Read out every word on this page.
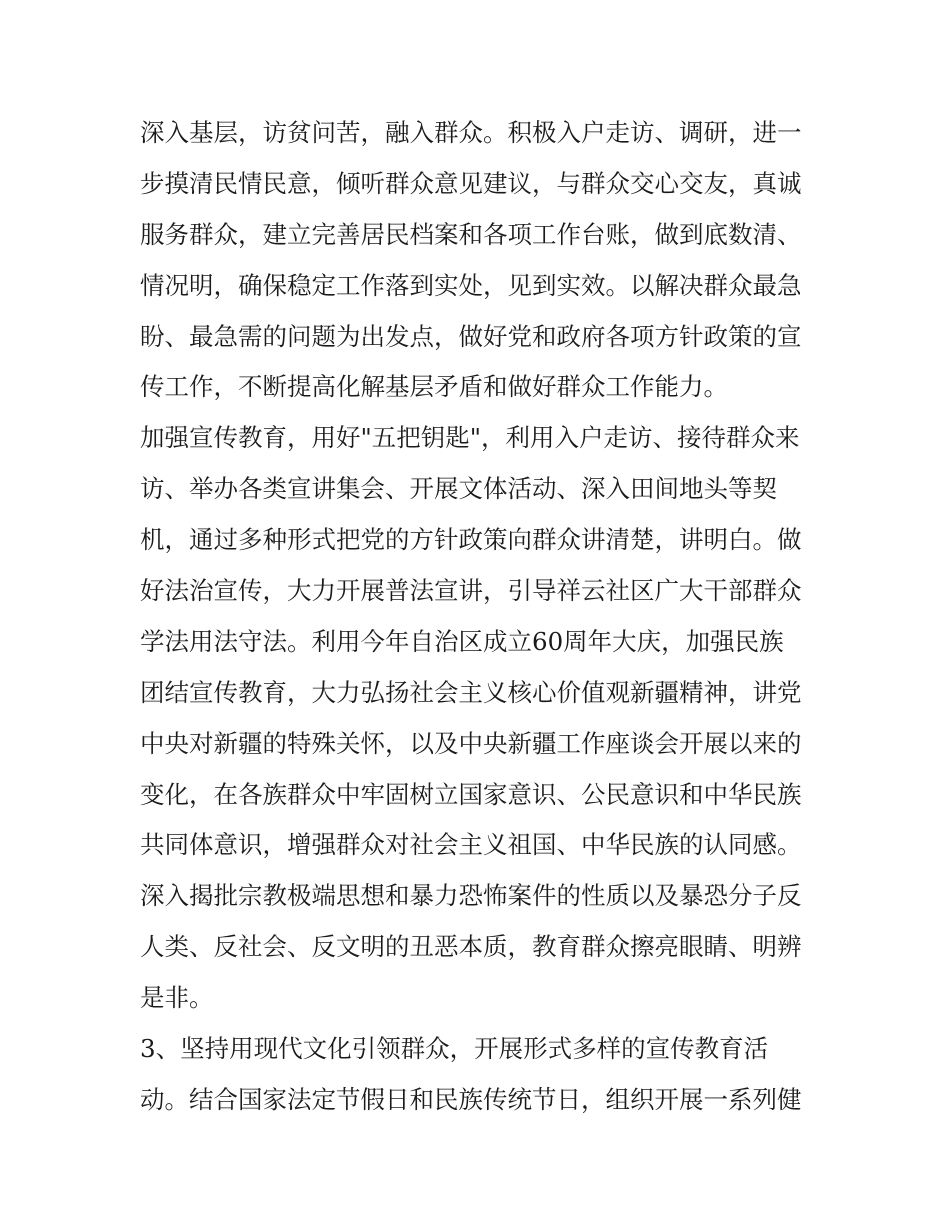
深入基层，访贫问苦，融入群众。积极入户走访、调研，进一
步摸清民情民意，倾听群众意见建议，与群众交心交友，真诚
服务群众，建立完善居民档案和各项工作台账，做到底数清、
情况明，确保稳定工作落到实处，见到实效。以解决群众最急
盼、最急需的问题为出发点，做好党和政府各项方针政策的宣
传工作，不断提高化解基层矛盾和做好群众工作能力。
加强宣传教育，用好"五把钥匙"，利用入户走访、接待群众来
访、举办各类宣讲集会、开展文体活动、深入田间地头等契
机，通过多种形式把党的方针政策向群众讲清楚，讲明白。做
好法治宣传，大力开展普法宣讲，引导祥云社区广大干部群众
学法用法守法。利用今年自治区成立60周年大庆，加强民族
团结宣传教育，大力弘扬社会主义核心价值观新疆精神，讲党
中央对新疆的特殊关怀，以及中央新疆工作座谈会开展以来的
变化，在各族群众中牢固树立国家意识、公民意识和中华民族
共同体意识，增强群众对社会主义祖国、中华民族的认同感。
深入揭批宗教极端思想和暴力恐怖案件的性质以及暴恐分子反
人类、反社会、反文明的丑恶本质，教育群众擦亮眼睛、明辨
是非。
3、坚持用现代文化引领群众，开展形式多样的宣传教育活
动。结合国家法定节假日和民族传统节日，组织开展一系列健
